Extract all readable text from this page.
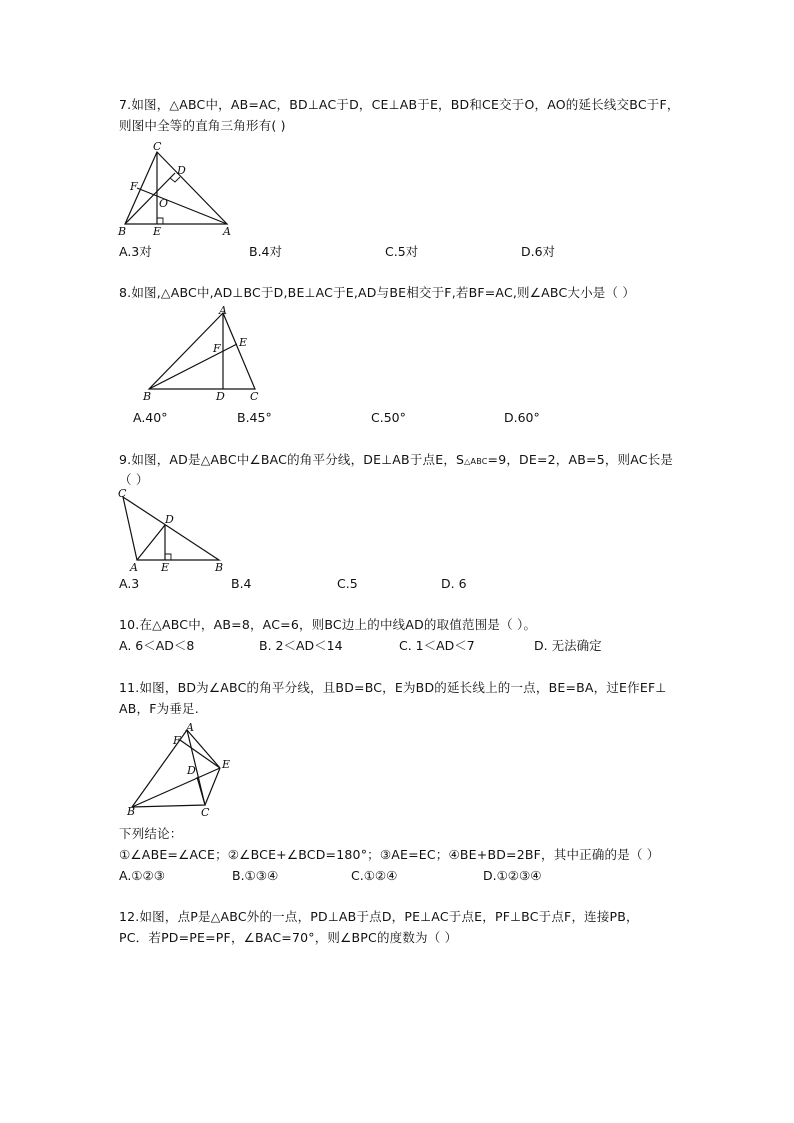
7.如图，△ABC中，AB=AC，BD⊥AC于D，CE⊥AB于E，BD和CE交于O，AO的延长线交BC于F，
则图中全等的直角三角形有( )
C
D
F
O
B E	A
A.3对	B.4对	C.5对	D.6对
8.如图,△ABC中,AD⊥BC于D,BE⊥AC于E,AD与BE相交于F,若BF=AC,则∠ABC大小是（ ）
A
E
F
B	D C
A.40°	B.45°	C.50°	D.60°
9.如图，AD是△ABC中∠BAC的角平分线，DE⊥AB于点E，S△ABC=9，DE=2，AB=5，则AC长是
（ ）
C
D
A E	B
A.3	B.4	C.5	D. 6
10.在△ABC中，AB=8，AC=6，则BC边上的中线AD的取值范围是（ ）。
A. 6＜AD＜8	B. 2＜AD＜14	C. 1＜AD＜7	D. 无法确定
11.如图，BD为∠ABC的角平分线，且BD=BC，E为BD的延长线上的一点，BE=BA，过E作EF⊥
AB，F为垂足.
F
A
E
D
B	C
下列结论：
①∠ABE=∠ACE；②∠BCE+∠BCD=180°；③AE=EC；④BE+BD=2BF，其中正确的是（ ）
A.①②③	B.①③④	C.①②④	D.①②③④
12.如图，点P是△ABC外的一点，PD⊥AB于点D，PE⊥AC于点E，PF⊥BC于点F，连接PB，
PC．若PD=PE=PF，∠BAC=70°，则∠BPC的度数为（ ）
